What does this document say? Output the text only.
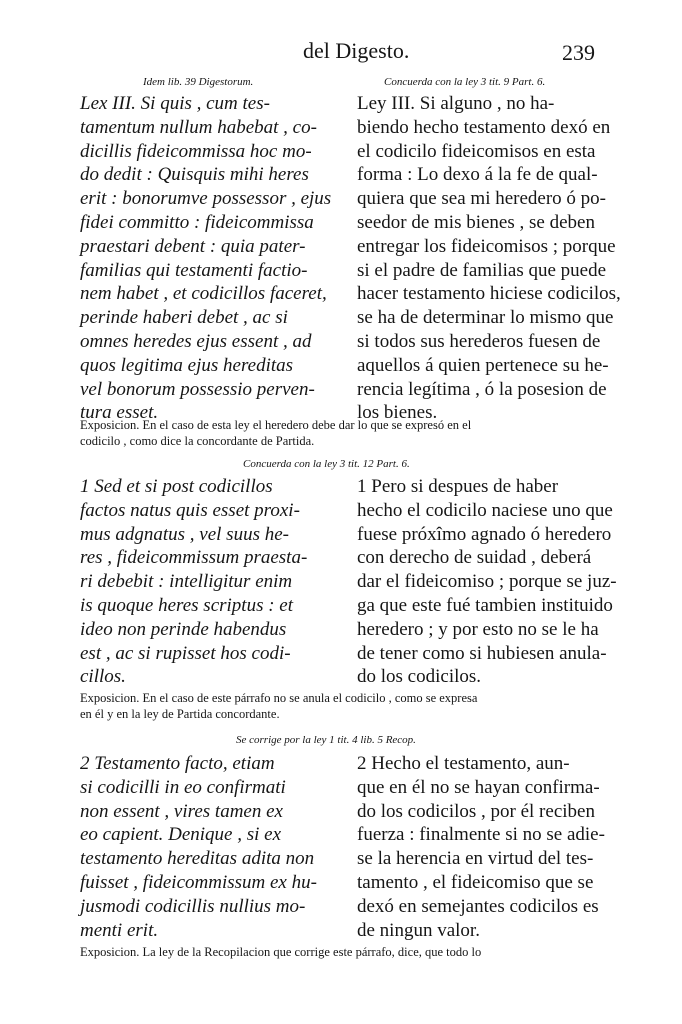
del Digesto.	239
Idem lib. 39 Digestorum.	Concuerda con la ley 3 tit. 9 Part. 6.
Lex III. Si quis , cum tes-
tamentum nullum habebat , co-
dicillis fideicommissa hoc mo-
do dedit : Quisquis mihi heres
erit : bonorumve possessor , ejus
fidei committo : fideicommissa
praestari debent : quia pater-
familias qui testamenti factio-
nem habet , et codicillos faceret,
perinde haberi debet , ac si
omnes heredes ejus essent , ad
quos legitima ejus hereditas
vel bonorum possessio perven-
tura esset.
Ley III. Si alguno , no ha-
biendo hecho testamento dexó en
el codicilo fideicomisos en esta
forma : Lo dexo á la fe de qual-
quiera que sea mi heredero ó po-
seedor de mis bienes , se deben
entregar los fideicomisos ; porque
si el padre de familias que puede
hacer testamento hiciese codicilos,
se ha de determinar lo mismo que
si todos sus herederos fuesen de
aquellos á quien pertenece su he-
rencia legítima , ó la posesion de
los bienes.
Exposicion. En el caso de esta ley el heredero debe dar lo que se expresó en el
codicilo , como dice la concordante de Partida.
Concuerda con la ley 3 tit. 12 Part. 6.
1 Sed et si post codicillos
factos natus quis esset proxi-
mus adgnatus , vel suus he-
res , fideicommissum praesta-
ri debebit : intelligitur enim
is quoque heres scriptus : et
ideo non perinde habendus
est , ac si rupisset hos codi-
cillos.
1 Pero si despues de haber
hecho el codicilo naciese uno que
fuese próxîmo agnado ó heredero
con derecho de suidad , deberá
dar el fideicomiso ; porque se juz-
ga que este fué tambien instituido
heredero ; y por esto no se le ha
de tener como si hubiesen anula-
do los codicilos.
Exposicion. En el caso de este párrafo no se anula el codicilo , como se expresa
en él y en la ley de Partida concordante.
Se corrige por la ley 1 tit. 4 lib. 5 Recop.
2 Testamento facto, etiam
si codicilli in eo confirmati
non essent , vires tamen ex
eo capient. Denique , si ex
testamento hereditas adita non
fuisset , fideicommissum ex hu-
jusmodi codicillis nullius mo-
menti erit.
2 Hecho el testamento, aun-
que en él no se hayan confirma-
do los codicilos , por él reciben
fuerza : finalmente si no se adie-
se la herencia en virtud del tes-
tamento , el fideicomiso que se
dexó en semejantes codicilos es
de ningun valor.
Exposicion. La ley de la Recopilacion que corrige este párrafo, dice, que todo lo
